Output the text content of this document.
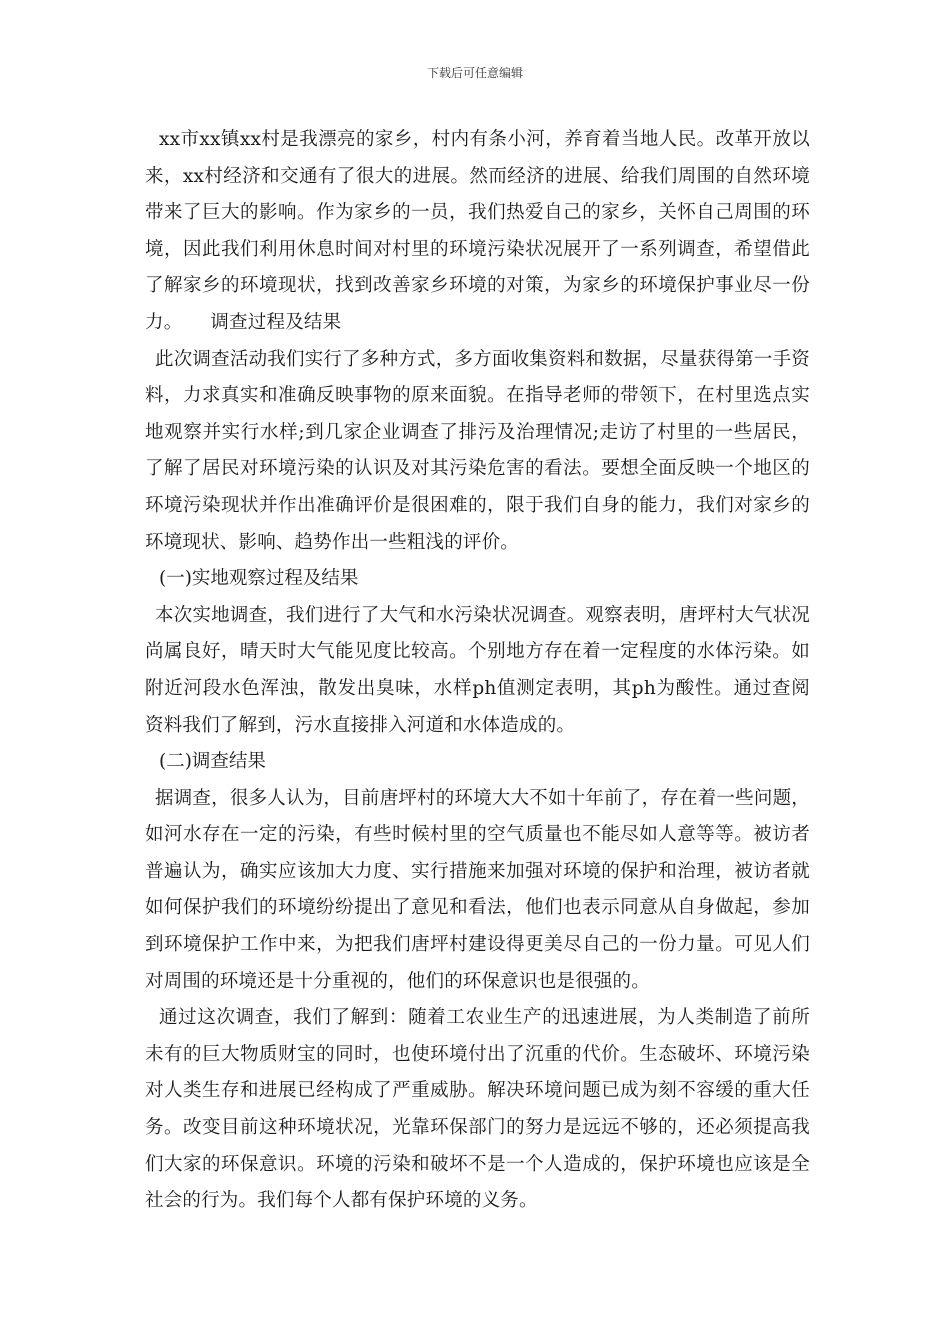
下载后可任意编辑

xx市xx镇xx村是我漂亮的家乡，村内有条小河，养育着当地人民。改革开放以来，xx村经济和交通有了很大的进展。然而经济的进展、给我们周围的自然环境带来了巨大的影响。作为家乡的一员，我们热爱自己的家乡，关怀自己周围的环境，因此我们利用休息时间对村里的环境污染状况展开了一系列调查，希望借此了解家乡的环境现状，找到改善家乡环境的对策，为家乡的环境保护事业尽一份力。 调查过程及结果

此次调查活动我们实行了多种方式，多方面收集资料和数据，尽量获得第一手资料，力求真实和准确反映事物的原来面貌。在指导老师的带领下，在村里选点实地观察并实行水样;到几家企业调查了排污及治理情况;走访了村里的一些居民，了解了居民对环境污染的认识及对其污染危害的看法。要想全面反映一个地区的环境污染现状并作出准确评价是很困难的，限于我们自身的能力，我们对家乡的环境现状、影响、趋势作出一些粗浅的评价。

(一)实地观察过程及结果

本次实地调查，我们进行了大气和水污染状况调查。观察表明，唐坪村大气状况尚属良好，晴天时大气能见度比较高。个别地方存在着一定程度的水体污染。如附近河段水色浑浊，散发出臭味，水样ph值测定表明，其ph为酸性。通过查阅资料我们了解到，污水直接排入河道和水体造成的。

(二)调查结果

据调查，很多人认为，目前唐坪村的环境大大不如十年前了，存在着一些问题，如河水存在一定的污染，有些时候村里的空气质量也不能尽如人意等等。被访者普遍认为，确实应该加大力度、实行措施来加强对环境的保护和治理，被访者就如何保护我们的环境纷纷提出了意见和看法，他们也表示同意从自身做起，参加到环境保护工作中来，为把我们唐坪村建设得更美尽自己的一份力量。可见人们对周围的环境还是十分重视的，他们的环保意识也是很强的。

通过这次调查，我们了解到：随着工农业生产的迅速进展，为人类制造了前所未有的巨大物质财宝的同时，也使环境付出了沉重的代价。生态破坏、环境污染对人类生存和进展已经构成了严重威胁。解决环境问题已成为刻不容缓的重大任务。改变目前这种环境状况，光靠环保部门的努力是远远不够的，还必须提高我们大家的环保意识。环境的污染和破坏不是一个人造成的，保护环境也应该是全社会的行为。我们每个人都有保护环境的义务。
